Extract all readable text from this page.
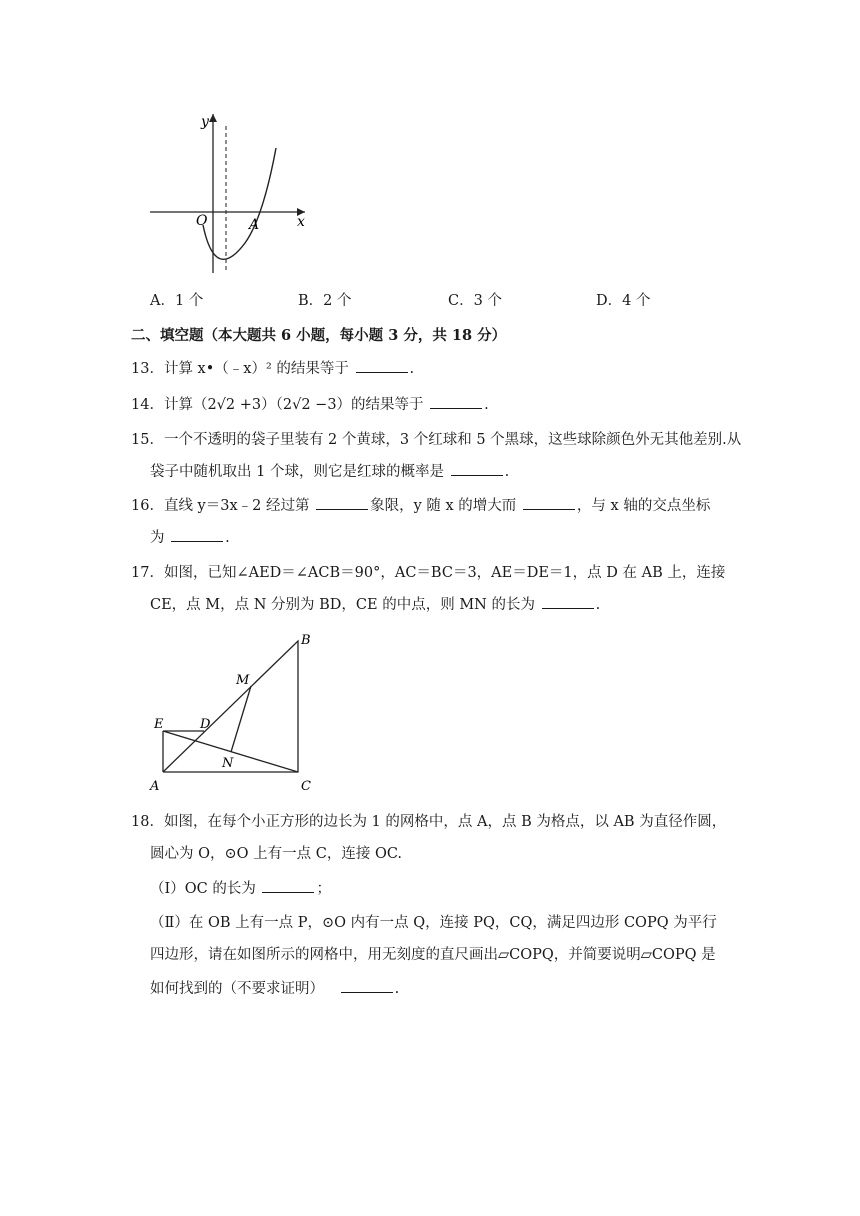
y
x
O	A
A．1 个	B．2 个	C．3 个	D．4 个
二、填空题（本大题共 6 小题，每小题 3 分，共 18 分）
13．计算 x•（﹣x）² 的结果等于	.
14．计算（2√2 +3）（2√2 −3）的结果等于	.
15．一个不透明的袋子里装有 2 个黄球，3 个红球和 5 个黑球，这些球除颜色外无其他差别.从
袋子中随机取出 1 个球，则它是红球的概率是	.
16．直线 y＝3x﹣2 经过第	象限，y 随 x 的增大而	，与 x 轴的交点坐标
为	.
17．如图，已知∠AED＝∠ACB＝90°，AC＝BC＝3，AE＝DE＝1，点 D 在 AB 上，连接
CE，点 M，点 N 分别为 BD，CE 的中点，则 MN 的长为	.
B
M
E	D
N
A	C
18．如图，在每个小正方形的边长为 1 的网格中，点 A，点 B 为格点，以 AB 为直径作圆，
圆心为 O，⊙O 上有一点 C，连接 OC.
（Ⅰ）OC 的长为	；
（Ⅱ）在 OB 上有一点 P，⊙O 内有一点 Q，连接 PQ，CQ，满足四边形 COPQ 为平行
四边形，请在如图所示的网格中，用无刻度的直尺画出▱COPQ，并简要说明▱COPQ 是
如何找到的（不要求证明）	.
